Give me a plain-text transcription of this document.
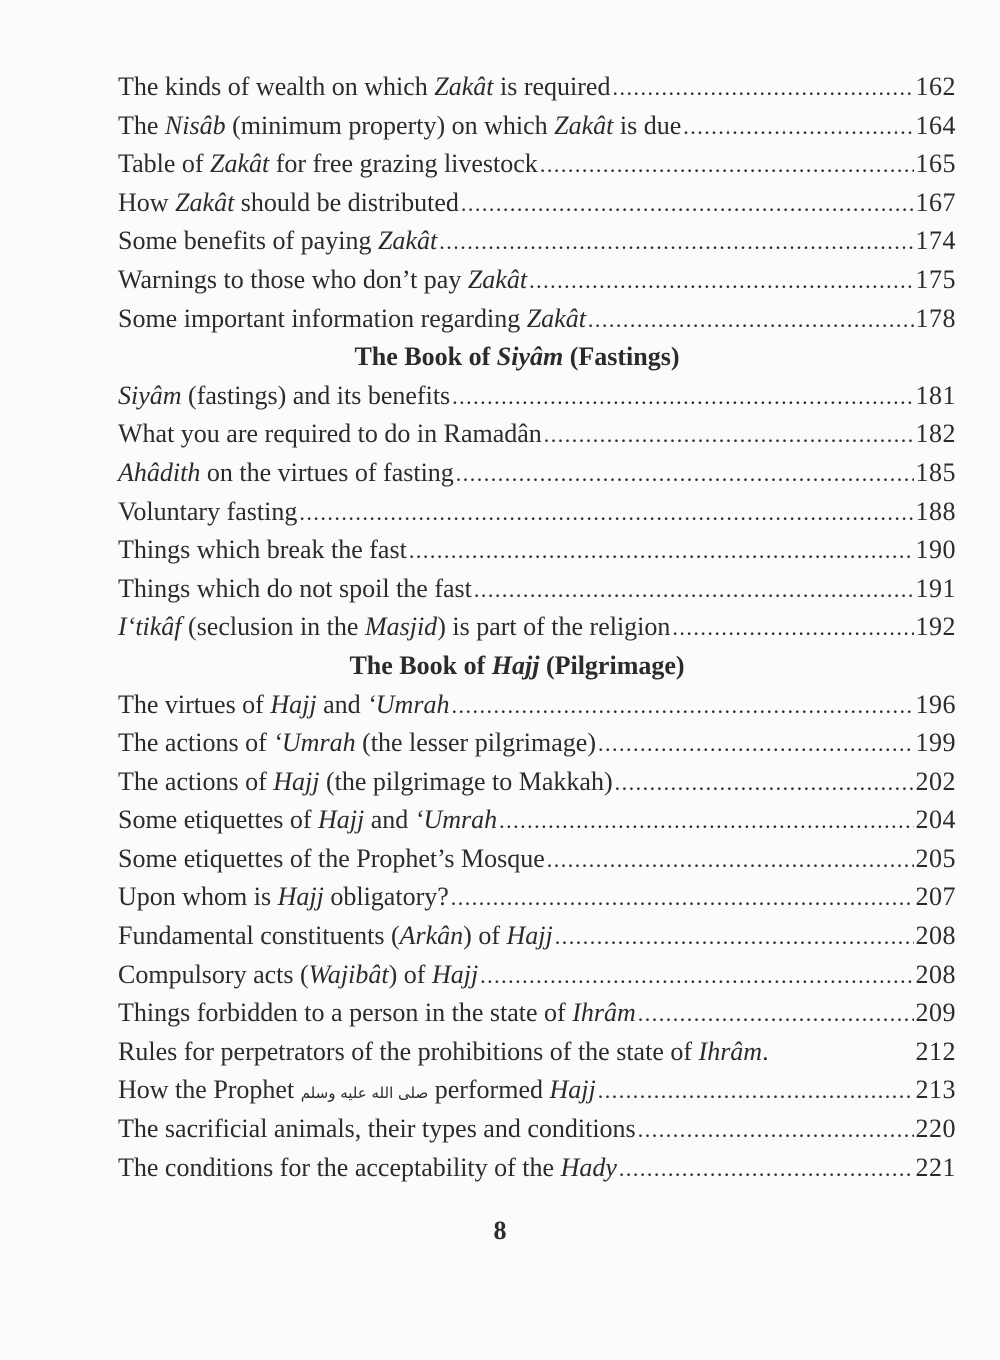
The kinds of wealth on which Zakât is required .....	162
The Nisâb (minimum property) on which Zakât is due .....	164
Table of Zakât for free grazing livestock .....	165
How Zakât should be distributed .....	167
Some benefits of paying Zakât .....	174
Warnings to those who don’t pay Zakât .....	175
Some important information regarding Zakât .....	178
The Book of Siyâm (Fastings)
Siyâm (fastings) and its benefits .....	181
What you are required to do in Ramadân .....	182
Ahâdith on the virtues of fasting .....	185
Voluntary fasting .....	188
Things which break the fast .....	190
Things which do not spoil the fast .....	191
I‘tikâf (seclusion in the Masjid) is part of the religion .....	192
The Book of Hajj (Pilgrimage)
The virtues of Hajj and ‘Umrah .....	196
The actions of ‘Umrah (the lesser pilgrimage) .....	199
The actions of Hajj (the pilgrimage to Makkah) .....	202
Some etiquettes of Hajj and ‘Umrah .....	204
Some etiquettes of the Prophet’s Mosque .....	205
Upon whom is Hajj obligatory? .....	207
Fundamental constituents (Arkân) of Hajj .....	208
Compulsory acts (Wajibât) of Hajj .....	208
Things forbidden to a person in the state of Ihrâm .....	209
Rules for perpetrators of the prohibitions of the state of Ihrâm.	212
How the Prophet صلى الله عليه وسلم performed Hajj .....	213
The sacrificial animals, their types and conditions .....	220
The conditions for the acceptability of the Hady .....	221
8
